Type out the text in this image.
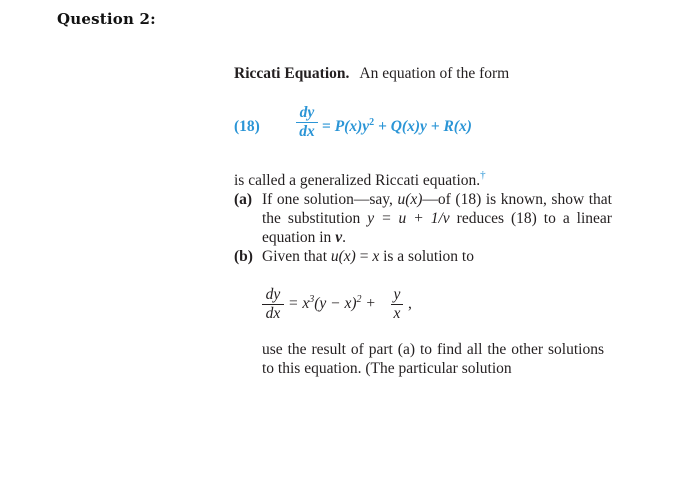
Question 2:
Riccati Equation. An equation of the form
$(18) \frac{dy}{dx} = P(x)y^2 + Q(x)y + R(x)$
is called a generalized Riccati equation.†
(a) If one solution—say, u(x)—of (18) is known, show that the substitution y = u + 1/v reduces (18) to a linear equation in v.
(b) Given that u(x) = x is a solution to
$\frac{dy}{dx} = x^3(y - x)^2 + \frac{y}{x}$ ,
use the result of part (a) to find all the other solutions to this equation. (The particular solution
